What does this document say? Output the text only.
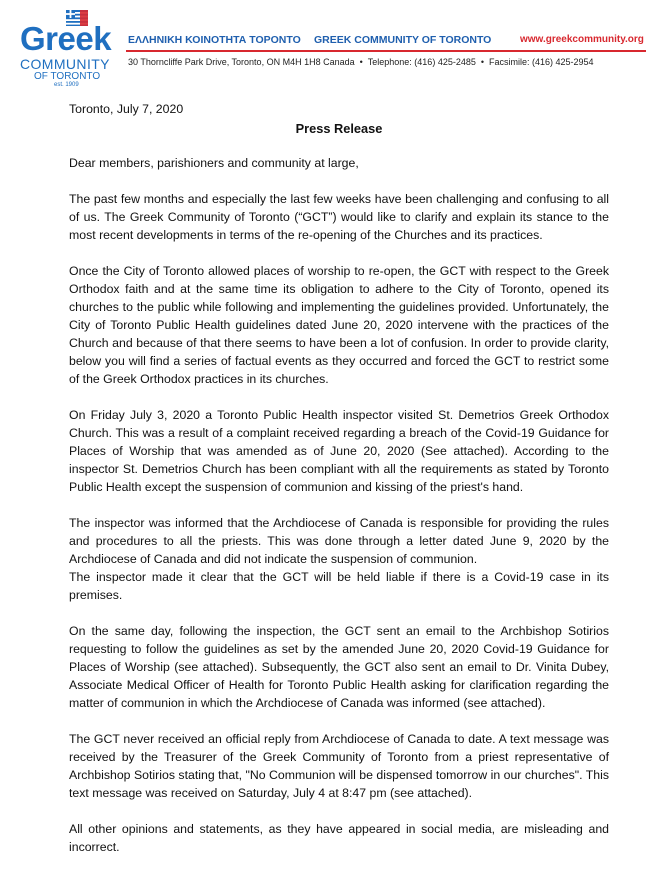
Greek
COMMUNITY
OF TORONTO
est. 1909
ΕΛΛΗΝΙΚΗ ΚΟΙΝΟΤΗΤΑ ΤΟΡΟΝΤΟ GREEK COMMUNITY OF TORONTO	www.greekcommunity.org
30 Thorncliffe Park Drive, Toronto, ON M4H 1H8 Canada • Telephone: (416) 425-2485 • Facsimile: (416) 425-2954

Toronto, July 7, 2020

Press Release

Dear members, parishioners and community at large,

The past few months and especially the last few weeks have been challenging and confusing to all of us. The Greek Community of Toronto (“GCT”) would like to clarify and explain its stance to the most recent developments in terms of the re-opening of the Churches and its practices.

Once the City of Toronto allowed places of worship to re-open, the GCT with respect to the Greek Orthodox faith and at the same time its obligation to adhere to the City of Toronto, opened its churches to the public while following and implementing the guidelines provided. Unfortunately, the City of Toronto Public Health guidelines dated June 20, 2020 intervene with the practices of the Church and because of that there seems to have been a lot of confusion. In order to provide clarity, below you will find a series of factual events as they occurred and forced the GCT to restrict some of the Greek Orthodox practices in its churches.

On Friday July 3, 2020 a Toronto Public Health inspector visited St. Demetrios Greek Orthodox Church. This was a result of a complaint received regarding a breach of the Covid-19 Guidance for Places of Worship that was amended as of June 20, 2020 (See attached). According to the inspector St. Demetrios Church has been compliant with all the requirements as stated by Toronto Public Health except the suspension of communion and kissing of the priest's hand.

The inspector was informed that the Archdiocese of Canada is responsible for providing the rules and procedures to all the priests. This was done through a letter dated June 9, 2020 by the Archdiocese of Canada and did not indicate the suspension of communion.

The inspector made it clear that the GCT will be held liable if there is a Covid-19 case in its premises.

On the same day, following the inspection, the GCT sent an email to the Archbishop Sotirios requesting to follow the guidelines as set by the amended June 20, 2020 Covid-19 Guidance for Places of Worship (see attached). Subsequently, the GCT also sent an email to Dr. Vinita Dubey, Associate Medical Officer of Health for Toronto Public Health asking for clarification regarding the matter of communion in which the Archdiocese of Canada was informed (see attached).

The GCT never received an official reply from Archdiocese of Canada to date. A text message was received by the Treasurer of the Greek Community of Toronto from a priest representative of Archbishop Sotirios stating that, "No Communion will be dispensed tomorrow in our churches". This text message was received on Saturday, July 4 at 8:47 pm (see attached).

All other opinions and statements, as they have appeared in social media, are misleading and incorrect.
